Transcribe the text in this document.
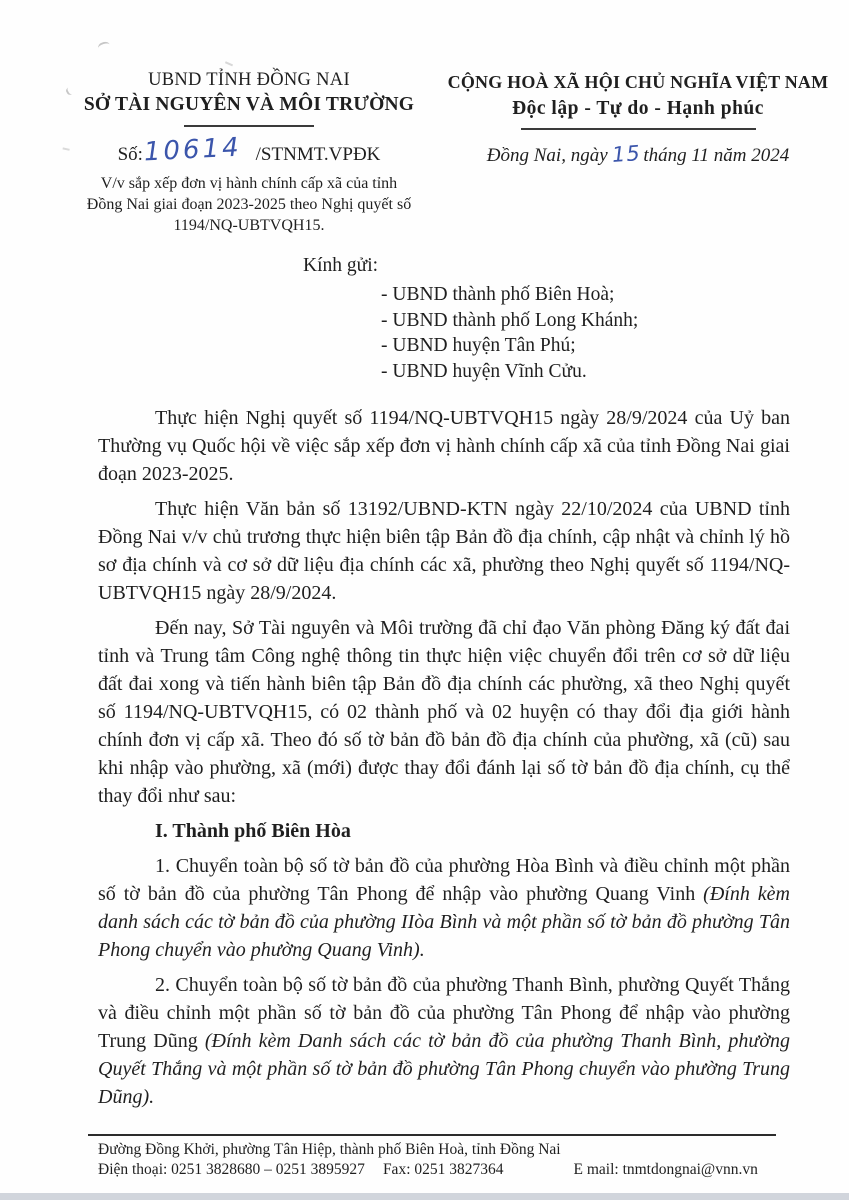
UBND TỈNH ĐỒNG NAI
SỞ TÀI NGUYÊN VÀ MÔI TRƯỜNG
Số:10614 /STNMT.VPĐK
V/v sắp xếp đơn vị hành chính cấp xã của tỉnh
Đồng Nai giai đoạn 2023-2025 theo Nghị quyết số
1194/NQ-UBTVQH15.
CỘNG HOÀ XÃ HỘI CHỦ NGHĨA VIỆT NAM
Độc lập - Tự do - Hạnh phúc
Đồng Nai, ngày 15 tháng 11 năm 2024
Kính gửi:
- UBND thành phố Biên Hoà;
- UBND thành phố Long Khánh;
- UBND huyện Tân Phú;
- UBND huyện Vĩnh Cửu.

Thực hiện Nghị quyết số 1194/NQ-UBTVQH15 ngày 28/9/2024 của Uỷ ban Thường vụ Quốc hội về việc sắp xếp đơn vị hành chính cấp xã của tỉnh Đồng Nai giai đoạn 2023-2025.

Thực hiện Văn bản số 13192/UBND-KTN ngày 22/10/2024 của UBND tỉnh Đồng Nai v/v chủ trương thực hiện biên tập Bản đồ địa chính, cập nhật và chỉnh lý hồ sơ địa chính và cơ sở dữ liệu địa chính các xã, phường theo Nghị quyết số 1194/NQ-UBTVQH15 ngày 28/9/2024.

Đến nay, Sở Tài nguyên và Môi trường đã chỉ đạo Văn phòng Đăng ký đất đai tỉnh và Trung tâm Công nghệ thông tin thực hiện việc chuyển đổi trên cơ sở dữ liệu đất đai xong và tiến hành biên tập Bản đồ địa chính các phường, xã theo Nghị quyết số 1194/NQ-UBTVQH15, có 02 thành phố và 02 huyện có thay đổi địa giới hành chính đơn vị cấp xã. Theo đó số tờ bản đồ bản đồ địa chính của phường, xã (cũ) sau khi nhập vào phường, xã (mới) được thay đổi đánh lại số tờ bản đồ địa chính, cụ thể thay đổi như sau:

I. Thành phố Biên Hòa

1. Chuyển toàn bộ số tờ bản đồ của phường Hòa Bình và điều chỉnh một phần số tờ bản đồ của phường Tân Phong để nhập vào phường Quang Vinh (Đính kèm danh sách các tờ bản đồ của phường IIòa Bình và một phần số tờ bản đồ phường Tân Phong chuyển vào phường Quang Vinh).

2. Chuyển toàn bộ số tờ bản đồ của phường Thanh Bình, phường Quyết Thắng và điều chỉnh một phần số tờ bản đồ của phường Tân Phong để nhập vào phường Trung Dũng (Đính kèm Danh sách các tờ bản đồ của phường Thanh Bình, phường Quyết Thắng và một phần số tờ bản đồ phường Tân Phong chuyển vào phường Trung Dũng).

Đường Đồng Khởi, phường Tân Hiệp, thành phố Biên Hoà, tỉnh Đồng Nai
Điện thoại: 0251 3828680 – 0251 3895927 Fax: 0251 3827364	E mail: tnmtdongnai@vnn.vn
